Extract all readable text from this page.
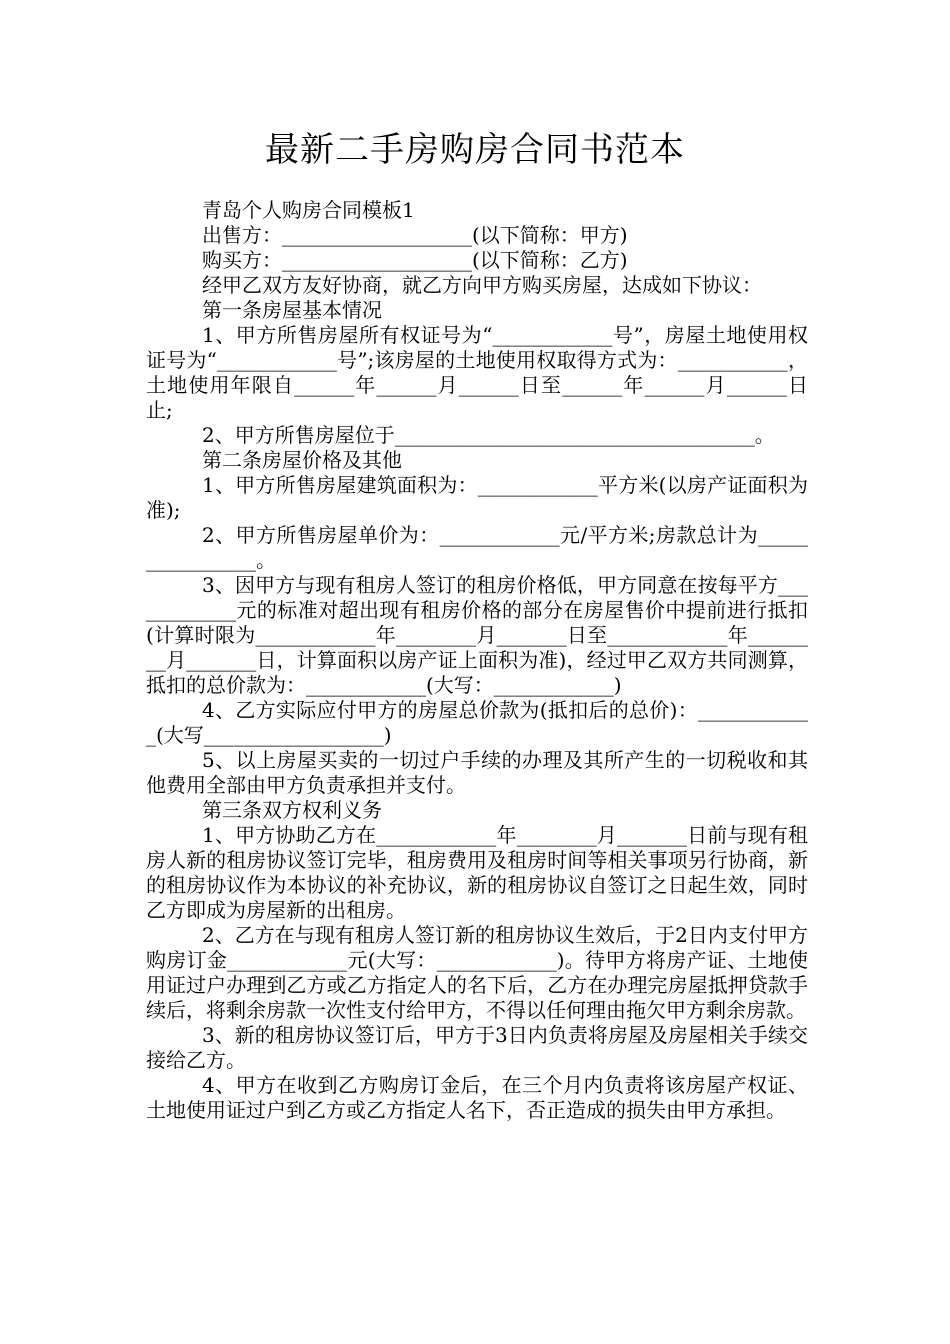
最新二手房购房合同书范本

青岛个人购房合同模板1

出售方：___________________(以下简称：甲方)

购买方：___________________(以下简称：乙方)

经甲乙双方友好协商，就乙方向甲方购买房屋，达成如下协议：

第一条房屋基本情况

1、甲方所售房屋所有权证号为“____________号”，房屋土地使用权证号为“____________号”;该房屋的土地使用权取得方式为：___________，土地使用年限自______年______月______日至______年______月______日止;

2、甲方所售房屋位于____________________________________。

第二条房屋价格及其他

1、甲方所售房屋建筑面积为：____________平方米(以房产证面积为准);

2、甲方所售房屋单价为：____________元/平方米;房款总计为________________。

3、因甲方与现有租房人签订的租房价格低，甲方同意在按每平方____________元的标准对超出现有租房价格的部分在房屋售价中提前进行抵扣(计算时限为____________年________月_______日至____________年________月_______日，计算面积以房产证上面积为准)，经过甲乙双方共同测算，抵扣的总价款为：____________(大写：____________)

4、乙方实际应付甲方的房屋总价款为(抵扣后的总价)：____________(大写__________________)

5、以上房屋买卖的一切过户手续的办理及其所产生的一切税收和其他费用全部由甲方负责承担并支付。

第三条双方权利义务

1、甲方协助乙方在____________年________月_______日前与现有租房人新的租房协议签订完毕，租房费用及租房时间等相关事项另行协商，新的租房协议作为本协议的补充协议，新的租房协议自签订之日起生效，同时乙方即成为房屋新的出租房。

2、乙方在与现有租房人签订新的租房协议生效后，于2日内支付甲方购房订金____________元(大写：____________)。待甲方将房产证、土地使用证过户办理到乙方或乙方指定人的名下后，乙方在办理完房屋抵押贷款手续后，将剩余房款一次性支付给甲方，不得以任何理由拖欠甲方剩余房款。

3、新的租房协议签订后，甲方于3日内负责将房屋及房屋相关手续交接给乙方。

4、甲方在收到乙方购房订金后，在三个月内负责将该房屋产权证、土地使用证过户到乙方或乙方指定人名下，否正造成的损失由甲方承担。
